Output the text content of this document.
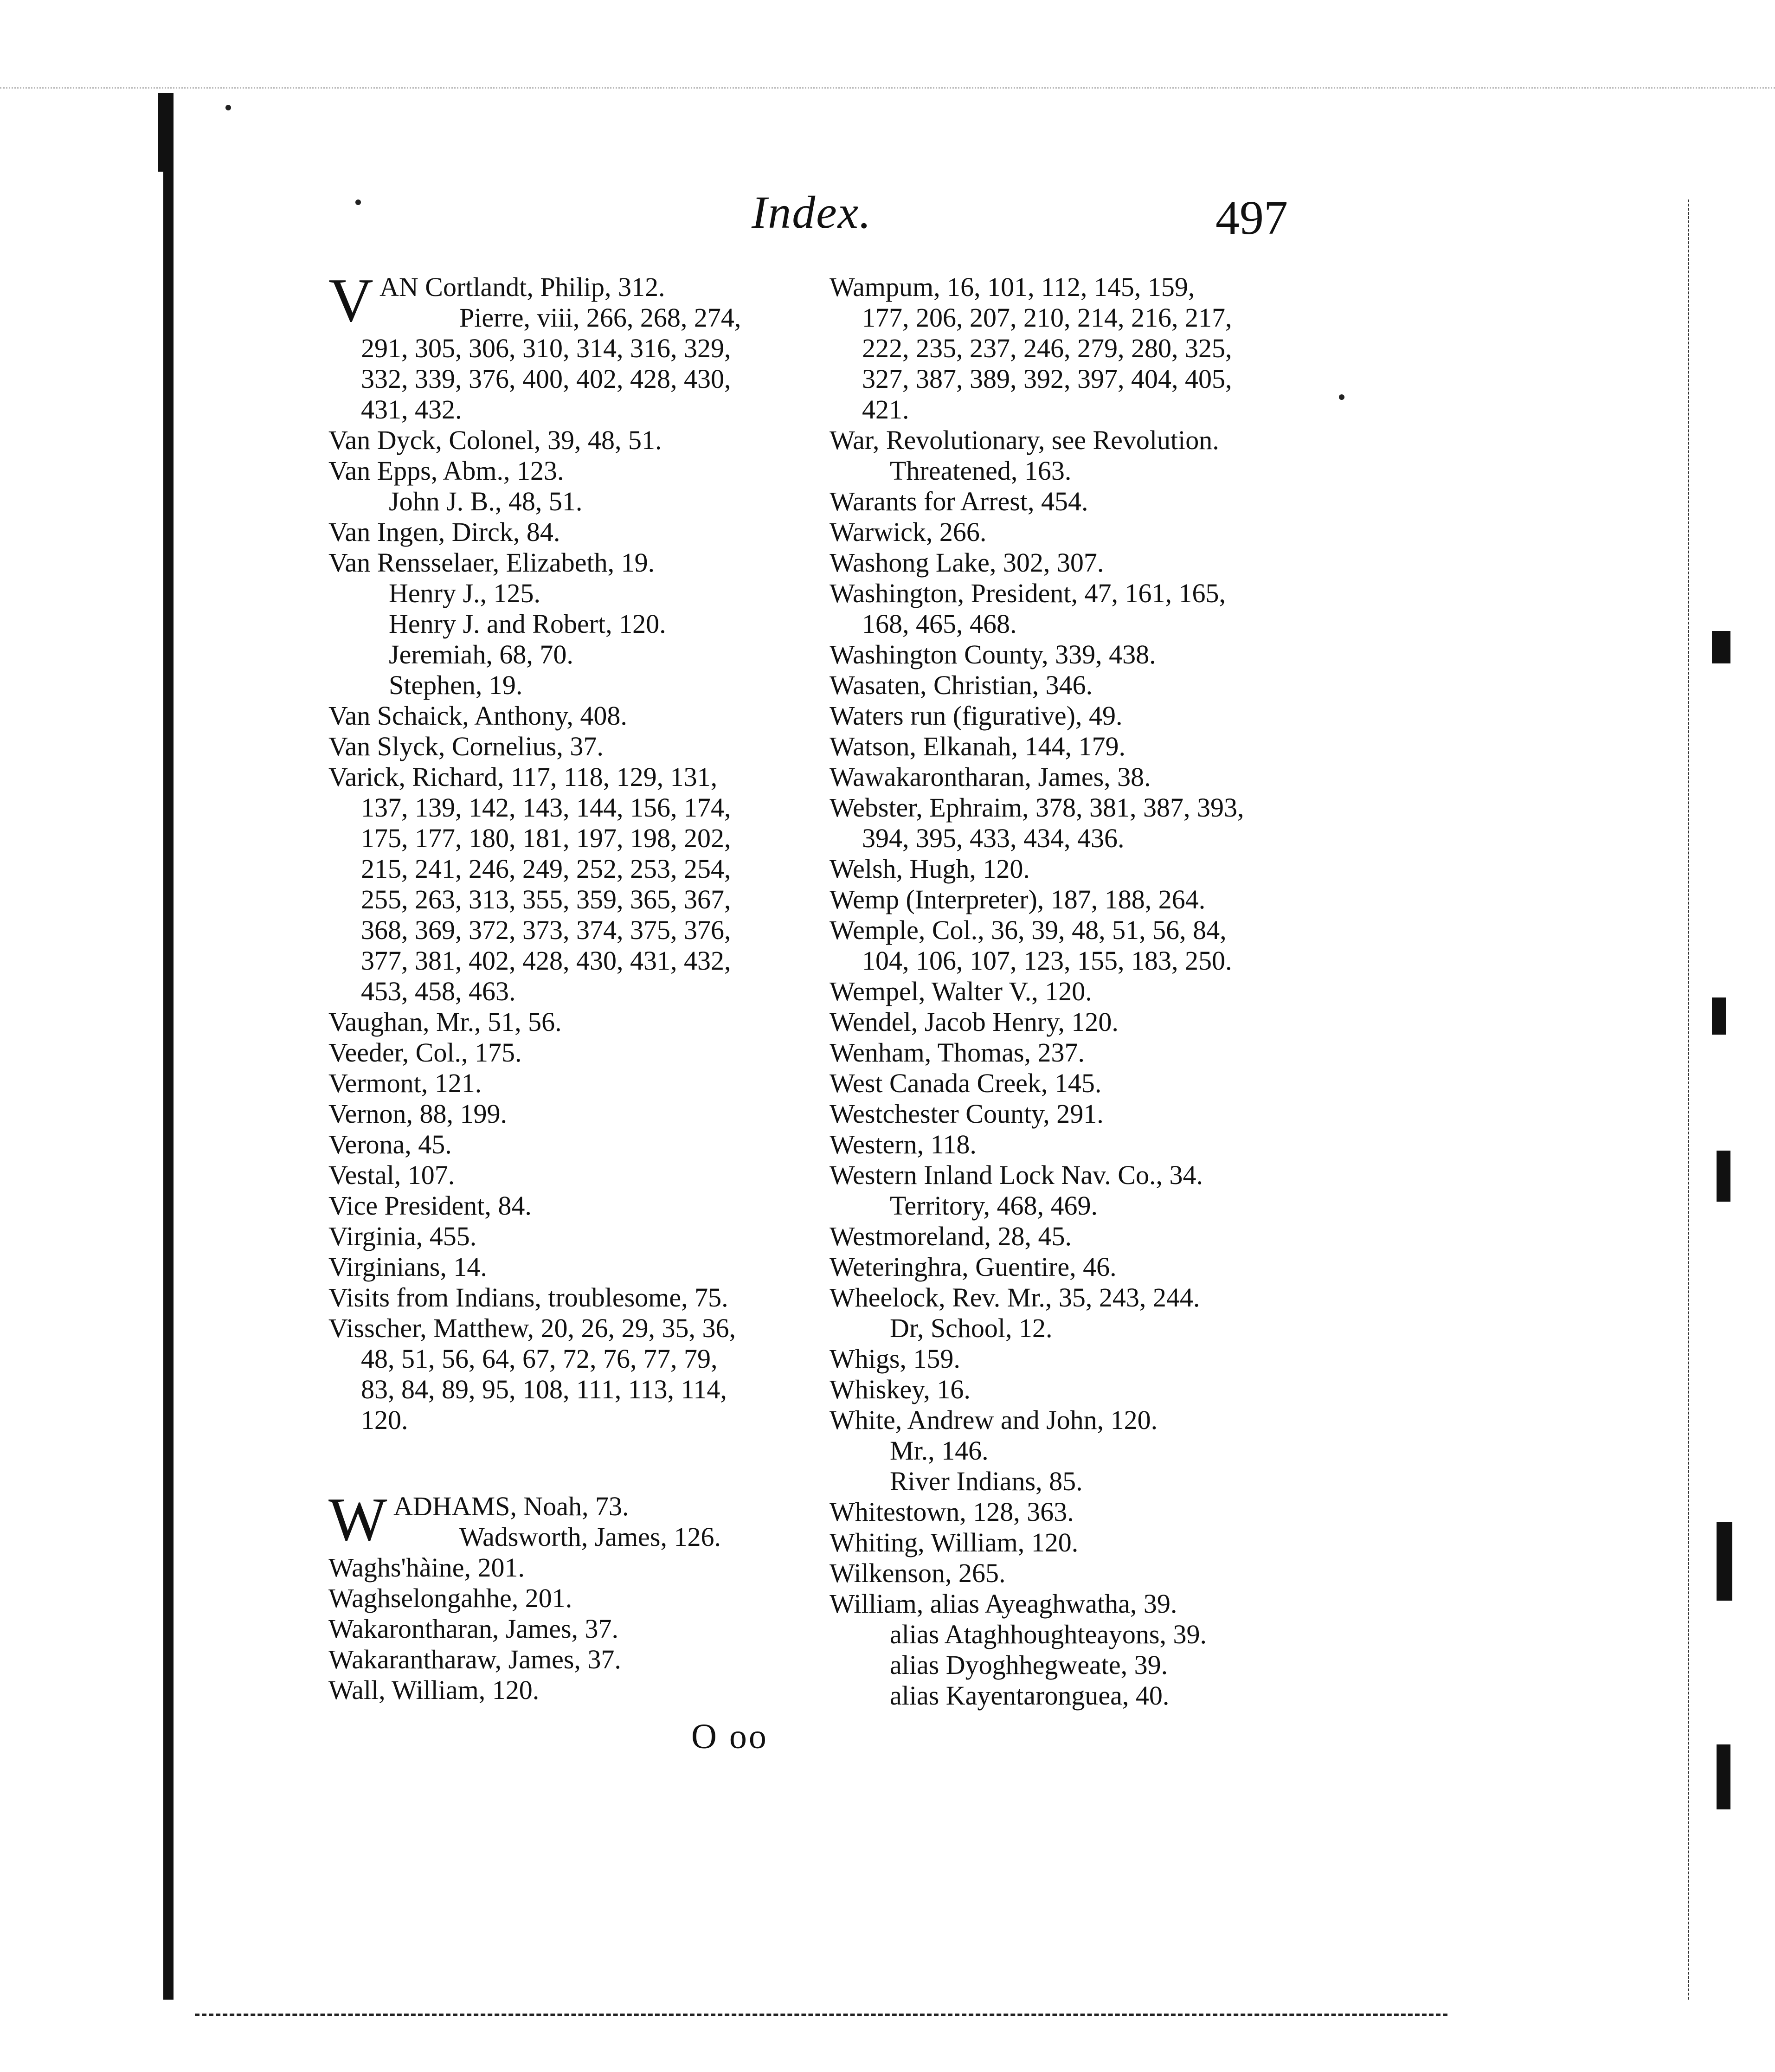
Index.	497
V AN Cortlandt, Philip, 312.
Pierre, viii, 266, 268, 274,
291, 305, 306, 310, 314, 316, 329,
332, 339, 376, 400, 402, 428, 430,
431, 432.

Van Dyck, Colonel, 39, 48, 51.

Van Epps, Abm., 123.

John J. B., 48, 51.

Van Ingen, Dirck, 84.

Van Rensselaer, Elizabeth, 19.

Henry J., 125.

Henry J. and Robert, 120.

Jeremiah, 68, 70.

Stephen, 19.

Van Schaick, Anthony, 408.

Van Slyck, Cornelius, 37.

Varick, Richard, 117, 118, 129, 131,
137, 139, 142, 143, 144, 156, 174,
175, 177, 180, 181, 197, 198, 202,
215, 241, 246, 249, 252, 253, 254,
255, 263, 313, 355, 359, 365, 367,
368, 369, 372, 373, 374, 375, 376,
377, 381, 402, 428, 430, 431, 432,
453, 458, 463.

Vaughan, Mr., 51, 56.

Veeder, Col., 175.

Vermont, 121.

Vernon, 88, 199.

Verona, 45.

Vestal, 107.

Vice President, 84.

Virginia, 455.

Virginians, 14.

Visits from Indians, troublesome, 75.

Visscher, Matthew, 20, 26, 29, 35, 36,
48, 51, 56, 64, 67, 72, 76, 77, 79,
83, 84, 89, 95, 108, 111, 113, 114,
120.

W ADHAMS, Noah, 73.
Wadsworth, James, 126.

Waghs'hàine, 201.

Waghselongahhe, 201.

Wakarontharan, James, 37.

Wakarantharaw, James, 37.

Wall, William, 120.

Wampum, 16, 101, 112, 145, 159,
177, 206, 207, 210, 214, 216, 217,
222, 235, 237, 246, 279, 280, 325,
327, 387, 389, 392, 397, 404, 405,
421.

War, Revolutionary, see Revolution.

Threatened, 163.

Warants for Arrest, 454.

Warwick, 266.

Washong Lake, 302, 307.

Washington, President, 47, 161, 165,
168, 465, 468.

Washington County, 339, 438.

Wasaten, Christian, 346.

Waters run (figurative), 49.

Watson, Elkanah, 144, 179.

Wawakarontharan, James, 38.

Webster, Ephraim, 378, 381, 387, 393,
394, 395, 433, 434, 436.

Welsh, Hugh, 120.

Wemp (Interpreter), 187, 188, 264.

Wemple, Col., 36, 39, 48, 51, 56, 84,
104, 106, 107, 123, 155, 183, 250.

Wempel, Walter V., 120.

Wendel, Jacob Henry, 120.

Wenham, Thomas, 237.

West Canada Creek, 145.

Westchester County, 291.

Western, 118.

Western Inland Lock Nav. Co., 34.

Territory, 468, 469.

Westmoreland, 28, 45.

Weteringhra, Guentire, 46.

Wheelock, Rev. Mr., 35, 243, 244.

Dr, School, 12.

Whigs, 159.

Whiskey, 16.

White, Andrew and John, 120.

Mr., 146.

River Indians, 85.

Whitestown, 128, 363.

Whiting, William, 120.

Wilkenson, 265.

William, alias Ayeaghwatha, 39.

alias Ataghhoughteayons, 39.

alias Dyoghhegweate, 39.

alias Kayentaronguea, 40.

O oo
